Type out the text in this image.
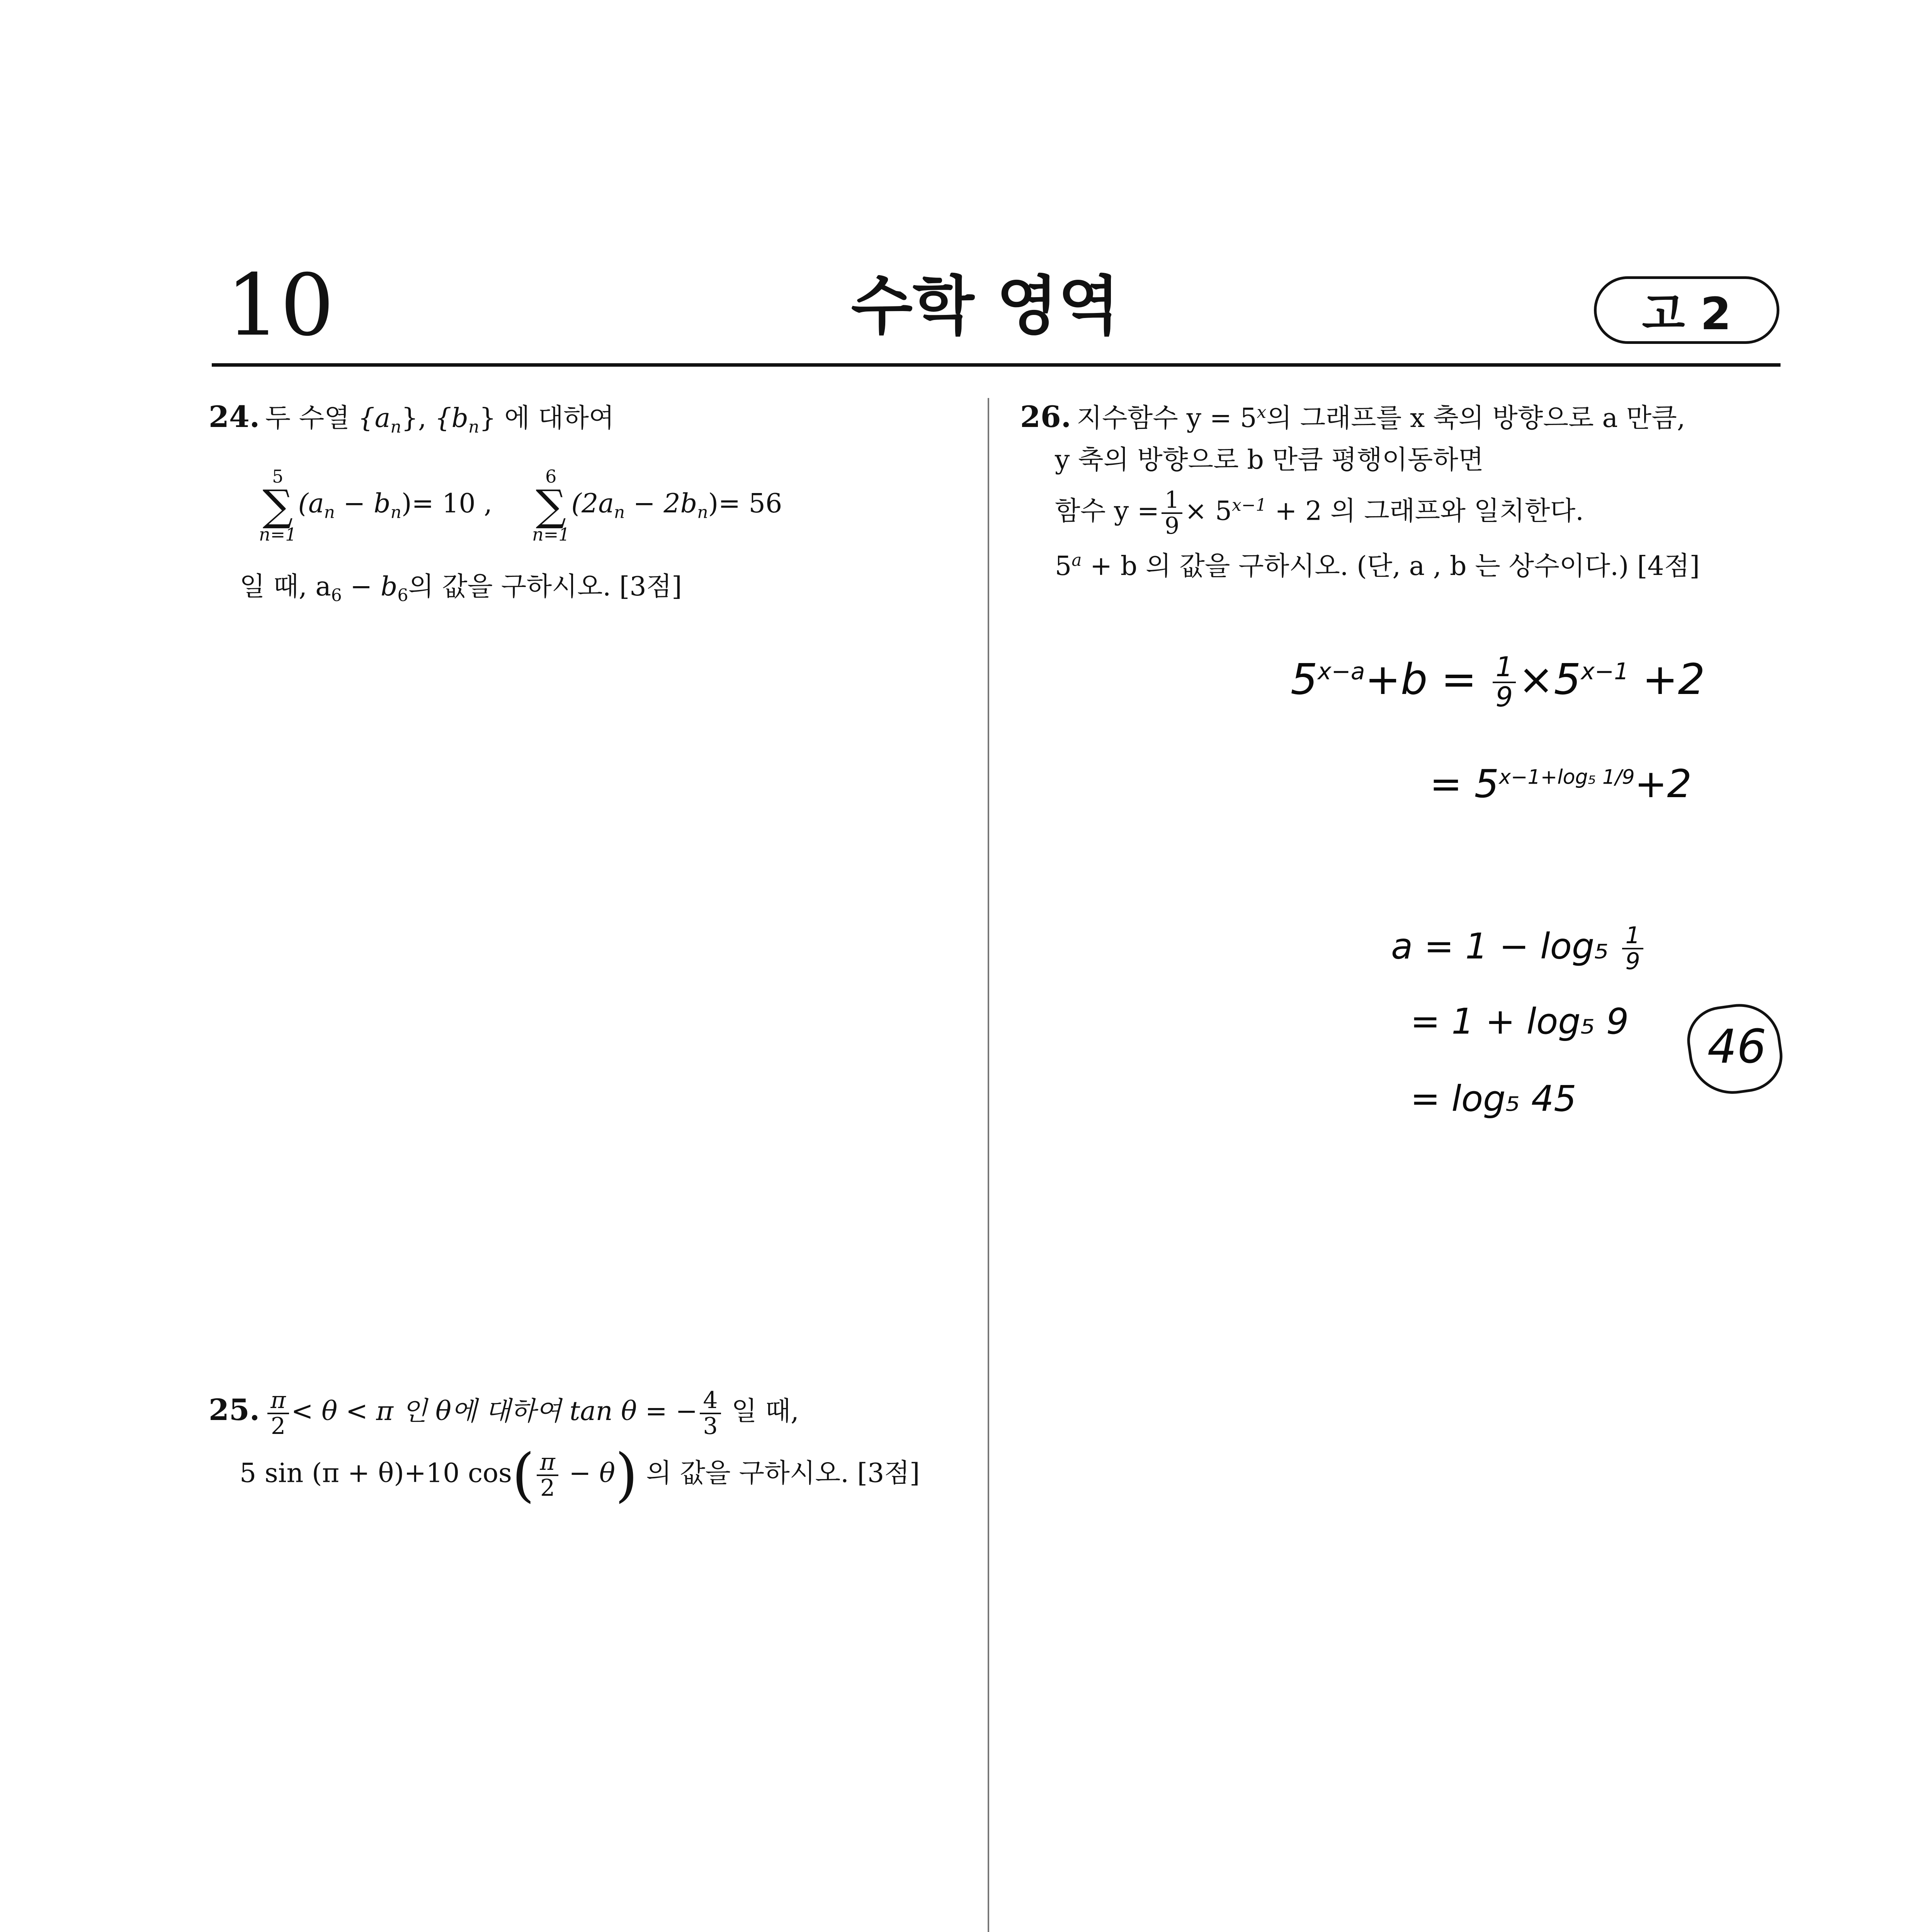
10	수학 영역	고 2
24. 두 수열 $\{a_n\}$, $\{b_n\}$ 에 대하여
5
∑
$n=1(a_n - b_n)= 10$ ,  6
∑
$n=1(2a_n - 2b_n)= 56$
일 때, $a_6 - b_6$의 값을 구하시오. [3점]
25. $\frac{\pi}{2} < \theta < \pi$ 인 θ에 대하여 tan θ = − $\frac{4}{3}$ 일 때,
5 sin (π + θ)+10 $\cos( \frac{\pi}{2} - \theta)$ 의 값을 구하시오. [3점]
26. 지수함수 $y = 5^x$의 그래프를 x 축의 방향으로 a 만큼,
y 축의 방향으로 b 만큼 평행이동하면
함수 $y = \frac{1}{9} \times 5^{x-1} + 2$ 의 그래프와 일치한다.
$5^a + b$ 의 값을 구하시오. (단, a , b 는 상수이다.) [4점]
$5^{x-a}+b = \frac{1}{9} \times 5^{x-1} +2$
= $5^{x-1+log_5 1/9}+2$
$a = 1 - \log_5 \frac{1}{9}$
= 1 + log₅ 9
= log₅ 45
46
